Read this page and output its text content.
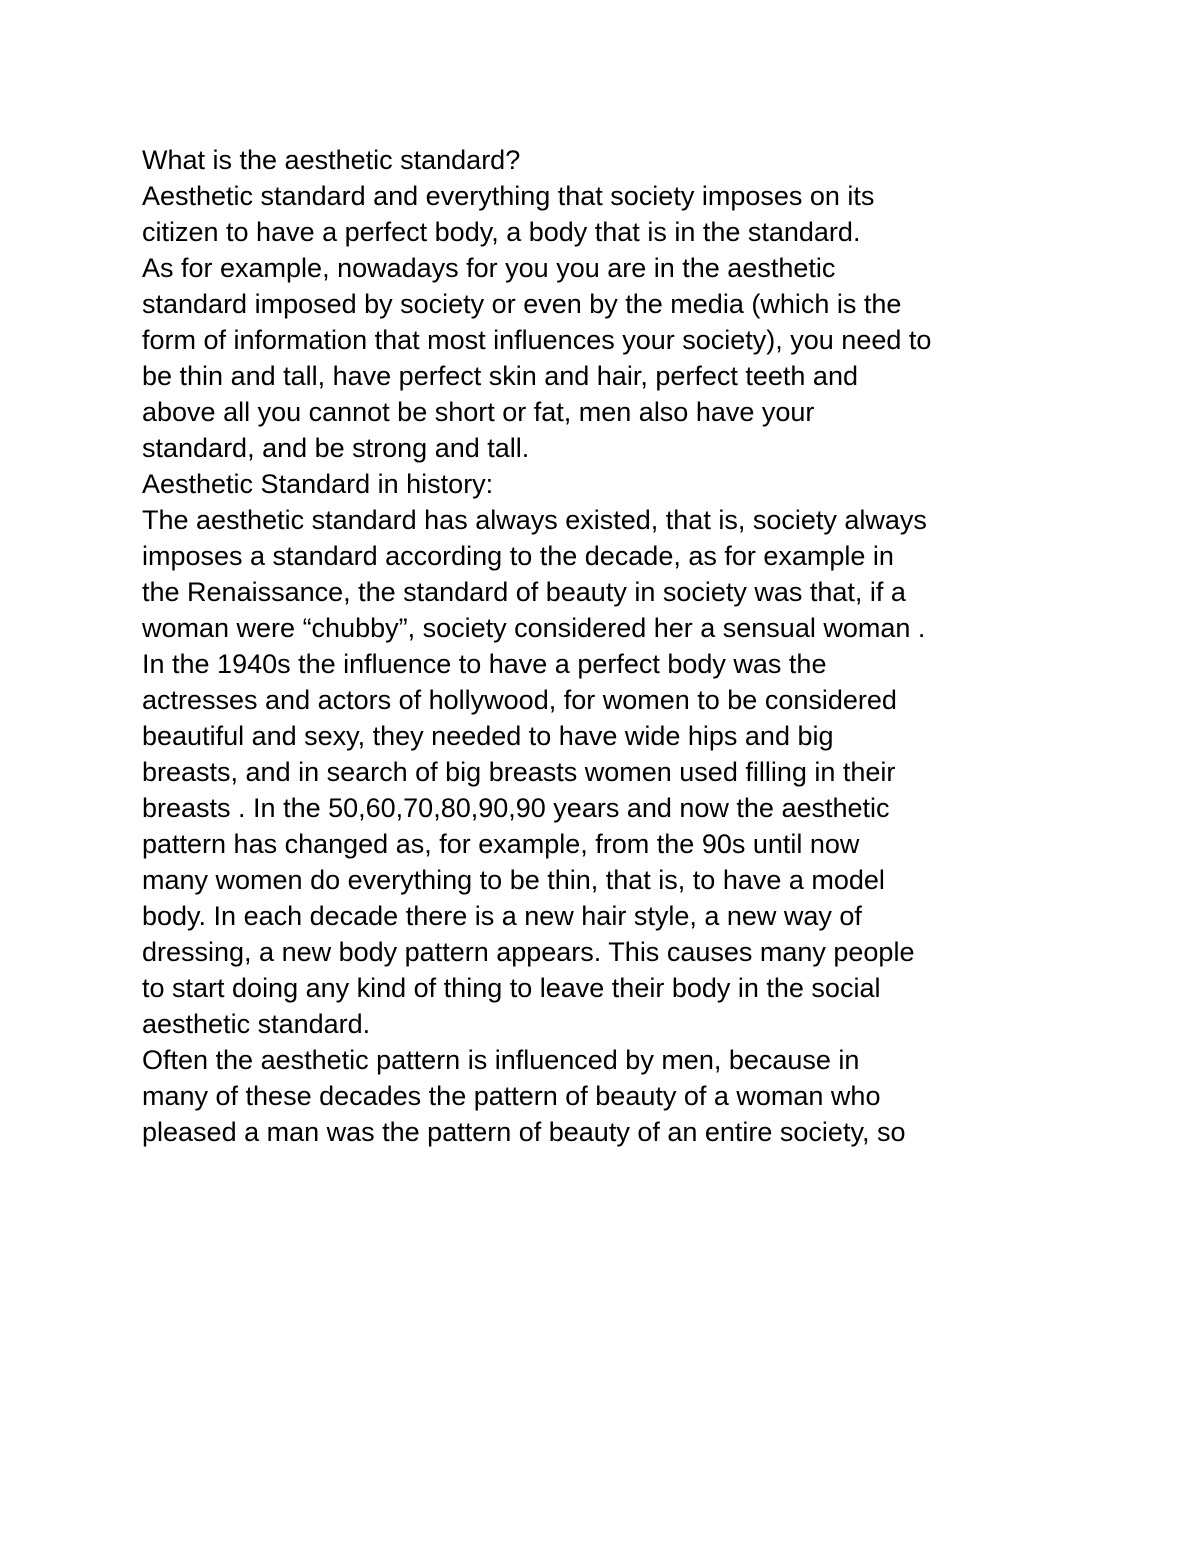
What is the aesthetic standard?

Aesthetic standard and everything that society imposes on its
citizen to have a perfect body, a body that is in the standard.

As for example, nowadays for you you are in the aesthetic
standard imposed by society or even by the media (which is the
form of information that most influences your society), you need to
be thin and tall, have perfect skin and hair, perfect teeth and
above all you cannot be short or fat, men also have your
standard, and be strong and tall.

Aesthetic Standard in history:

The aesthetic standard has always existed, that is, society always
imposes a standard according to the decade, as for example in
the Renaissance, the standard of beauty in society was that, if a
woman were “chubby”, society considered her a sensual woman .
In the 1940s the influence to have a perfect body was the
actresses and actors of hollywood, for women to be considered
beautiful and sexy, they needed to have wide hips and big
breasts, and in search of big breasts women used filling in their
breasts . In the 50,60,70,80,90,90 years and now the aesthetic
pattern has changed as, for example, from the 90s until now
many women do everything to be thin, that is, to have a model
body. In each decade there is a new hair style, a new way of
dressing, a new body pattern appears. This causes many people
to start doing any kind of thing to leave their body in the social
aesthetic standard.

Often the aesthetic pattern is influenced by men, because in
many of these decades the pattern of beauty of a woman who
pleased a man was the pattern of beauty of an entire society, so
